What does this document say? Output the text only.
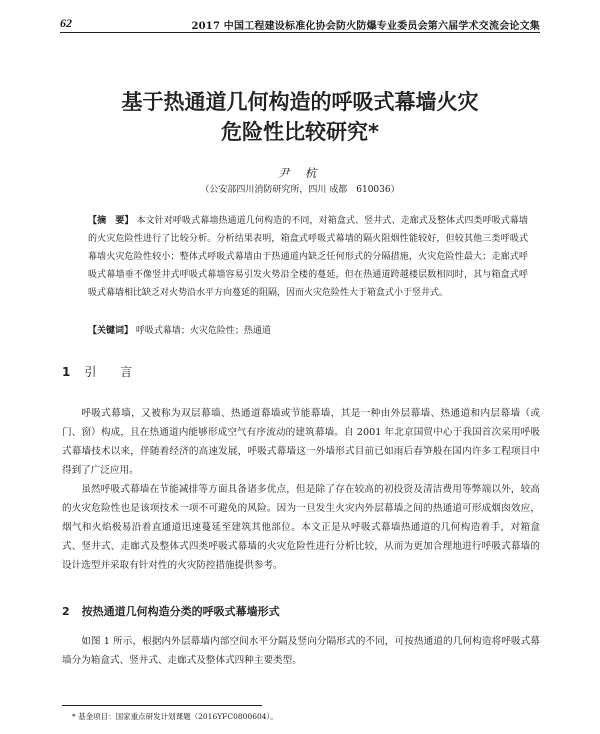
62	2017 中国工程建设标准化协会防火防爆专业委员会第六届学术交流会论文集
基于热通道几何构造的呼吸式幕墙火灾
危险性比较研究*
尹 杭
（公安部四川消防研究所，四川 成都　610036）
【摘　要】 本文针对呼吸式幕墙热通道几何构造的不同，对箱盒式、竖井式、走廊式及整体式四类呼吸式幕墙的火灾危险性进行了比较分析。分析结果表明，箱盒式呼吸式幕墙的隔火阻烟性能较好，但较其他三类呼吸式幕墙火灾危险性较小；整体式呼吸式幕墙由于热通道内缺乏任何形式的分隔措施，火灾危险性最大；走廊式呼吸式幕墙垂不像竖井式呼吸式幕墙容易引发火势沿全楼的蔓延，但在热通道跨越楼层数相同时，其与箱盒式呼吸式幕墙相比缺乏对火势沿水平方向蔓延的阻隔，因而火灾危险性大于箱盒式小于竖井式。
【关键词】 呼吸式幕墙；火灾危险性；热通道
1 引 言

呼吸式幕墙，又被称为双层幕墙、热通道幕墙或节能幕墙，其是一种由外层幕墙、热通道和内层幕墙（或门、窗）构成，且在热通道内能够形成空气有序流动的建筑幕墙。自 2001 年北京国贸中心于我国首次采用呼吸式幕墙技术以来，伴随着经济的高速发展，呼吸式幕墙这一外墙形式目前已如雨后春笋般在国内许多工程项目中得到了广泛应用。

虽然呼吸式幕墙在节能减排等方面具备诸多优点，但是除了存在较高的初投资及清洁费用等弊端以外，较高的火灾危险性也是该项技术一项不可避免的风险。因为一旦发生火灾内外层幕墙之间的热通道可形成烟囱效应，烟气和火焰极易沿着直通道迅速蔓延至建筑其他部位。本文正是从呼吸式幕墙热通道的几何构造着手，对箱盒式、竖井式、走廊式及整体式四类呼吸式幕墙的火灾危险性进行分析比较，从而为更加合理地进行呼吸式幕墙的设计选型并采取有针对性的火灾防控措施提供参考。

2 按热通道几何构造分类的呼吸式幕墙形式

如图 1 所示，根据内外层幕墙内部空间水平分隔及竖向分隔形式的不同，可按热通道的几何构造将呼吸式幕墙分为箱盒式、竖井式、走廊式及整体式四种主要类型。

* 基金项目：国家重点研发计划课题（2016YFC0800604）。
